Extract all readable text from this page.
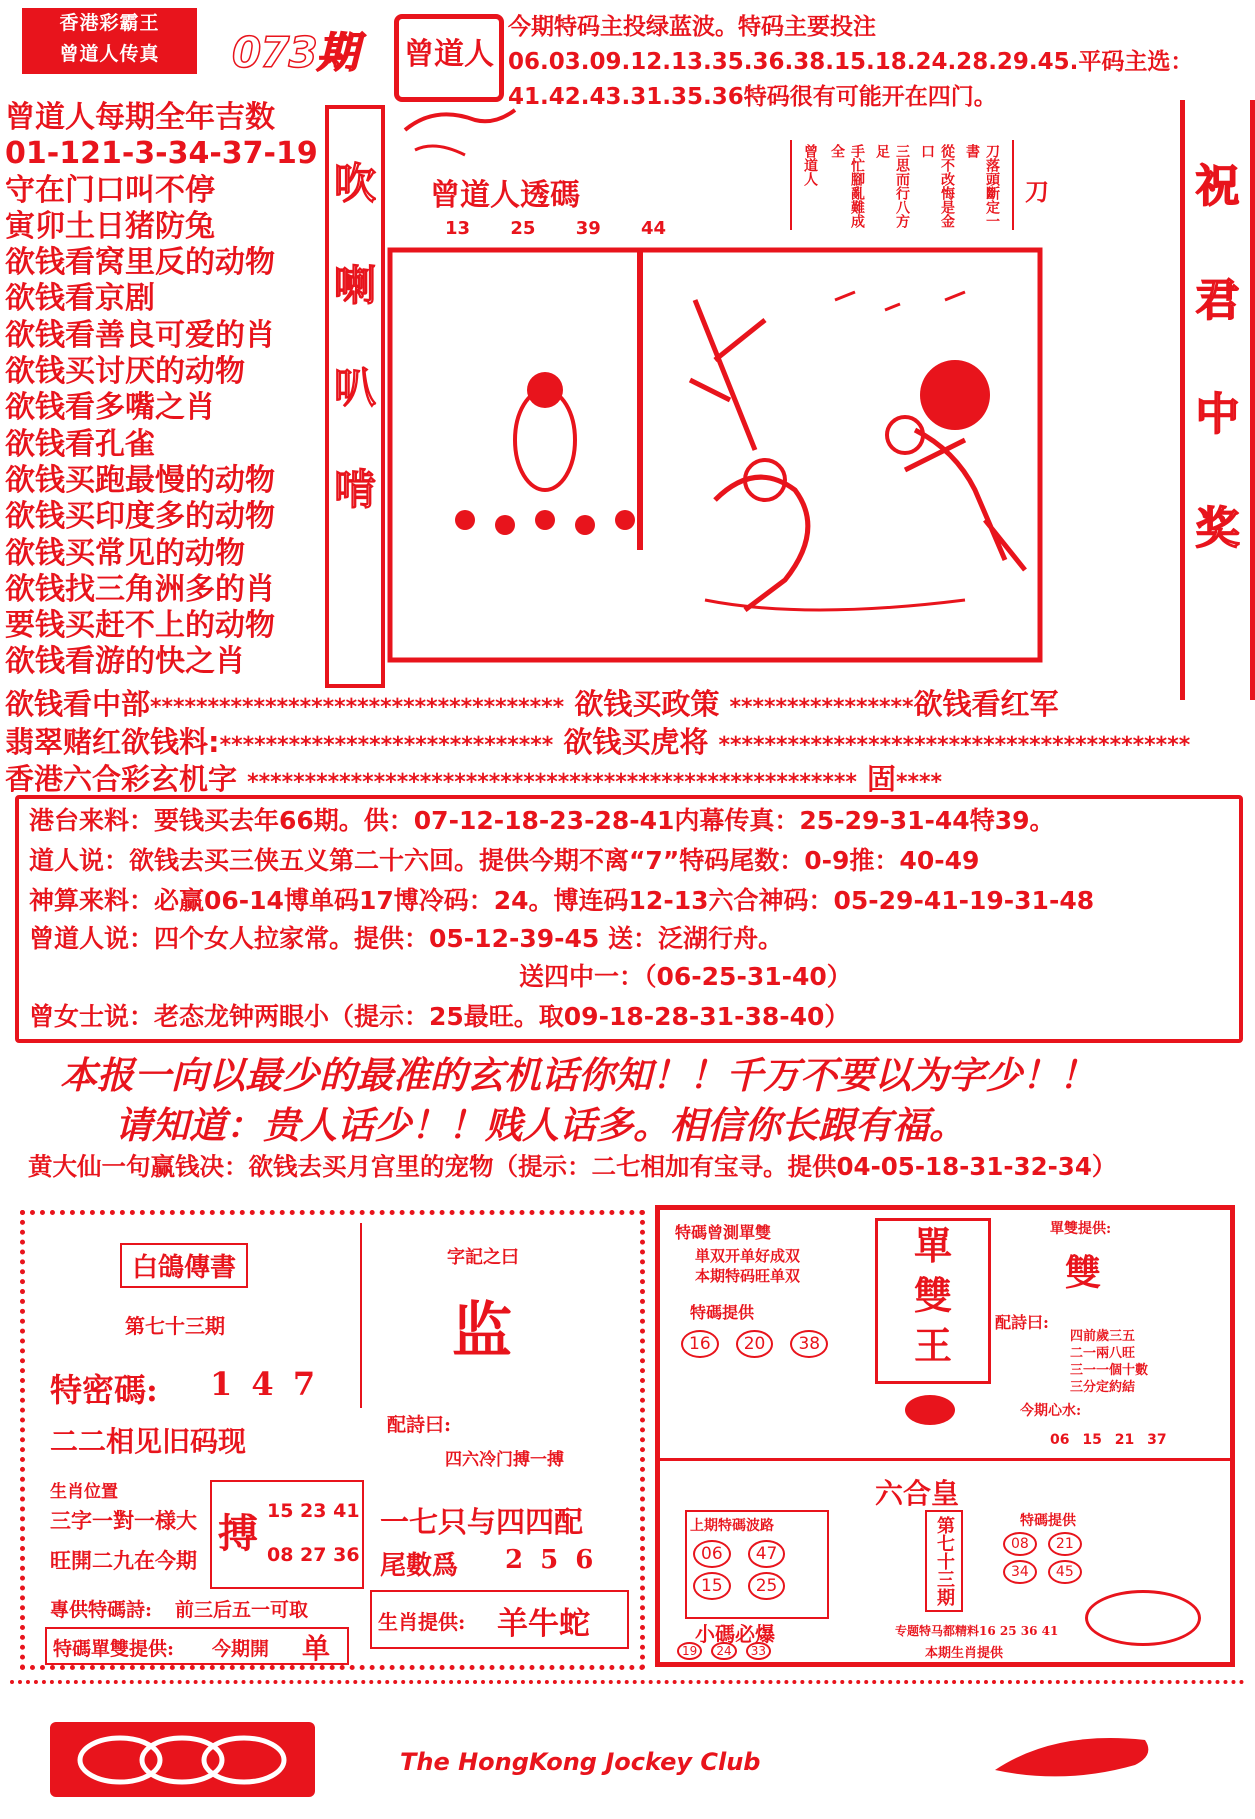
香港彩霸王
曾道人传真	073期	曾道人
今期特码主投绿蓝波。特码主要投注06.03.09.12.13.35.36.38.15.18.24.28.29.45.平码主选：41.42.43.31.35.36特码很有可能开在四门。
曾道人每期全年吉数
01-121-3-34-37-19
守在门口叫不停
寅卯土日猪防兔
欲钱看窝里反的动物
欲钱看京剧
欲钱看善良可爱的肖
欲钱买讨厌的动物
欲钱看多嘴之肖
欲钱看孔雀
欲钱买跑最慢的动物
欲钱买印度多的动物
欲钱买常见的动物
欲钱找三角洲多的肖
要钱买赶不上的动物
欲钱看游的快之肖
吹
喇
叭
啃
祝
君
中
奖
曾道人透碼
13 25 39 44
曾道人	手忙腳亂難成全	三思而行八方足	從不改悔是金口	刀落頭斷定一書
刀
欲钱看中部************************************ 欲钱买政策 ****************欲钱看红军
翡翠赌红欲钱料:***************************** 欲钱买虎将 *****************************************
香港六合彩玄机字 ***************************************************** 固****
港台来料：要钱买去年66期。供：07-12-18-23-28-41内幕传真：25-29-31-44特39。
道人说：欲钱去买三侠五义第二十六回。提供今期不离“7”特码尾数：0-9推：40-49
神算来料：必赢06-14博单码17博冷码：24。博连码12-13六合神码：05-29-41-19-31-48
曾道人说：四个女人拉家常。提供：05-12-39-45 送：泛湖行舟。
送四中一：（06-25-31-40）
曾女士说：老态龙钟两眼小（提示：25最旺。取09-18-28-31-38-40）
本报一向以最少的最准的玄机话你知！！千万不要以为字少！！
请知道：贵人话少！！贱人话多。相信你长跟有福。
黄大仙一句赢钱决：欲钱去买月宫里的宠物（提示：二七相加有宝寻。提供04-05-18-31-32-34）
白鴿傳書
第七十三期
特密碼: 1 4 7
二二相见旧码现
生肖位置
三字一對一様大
旺開二九在今期
搏 15 23 41
08 27 36
專供特碼詩: 前三后五一可取
特碼單雙提供: 今期開 单
字記之曰
监
配詩曰:
四六冷门搏一搏
一七只与四四配
尾數爲 2 5 6
生肖提供: 羊牛蛇
特碼曾測單雙
単双开单好成双
本期特码旺单双
特碼提供
16 20 38
單
雙
王
單雙提供:
雙
配詩曰:
四前歲三五
二一兩八旺
三一一個十數
三分定約結
今期心水:
06 15 21 37
六合皇
上期特碼波路
06 47 15 25
小碼必爆
19 24 33
第七十三期	特碼提供
08 21 34 45
专题特马都精料16 25 36 41
本期生肖提供
The HongKong Jockey Club
